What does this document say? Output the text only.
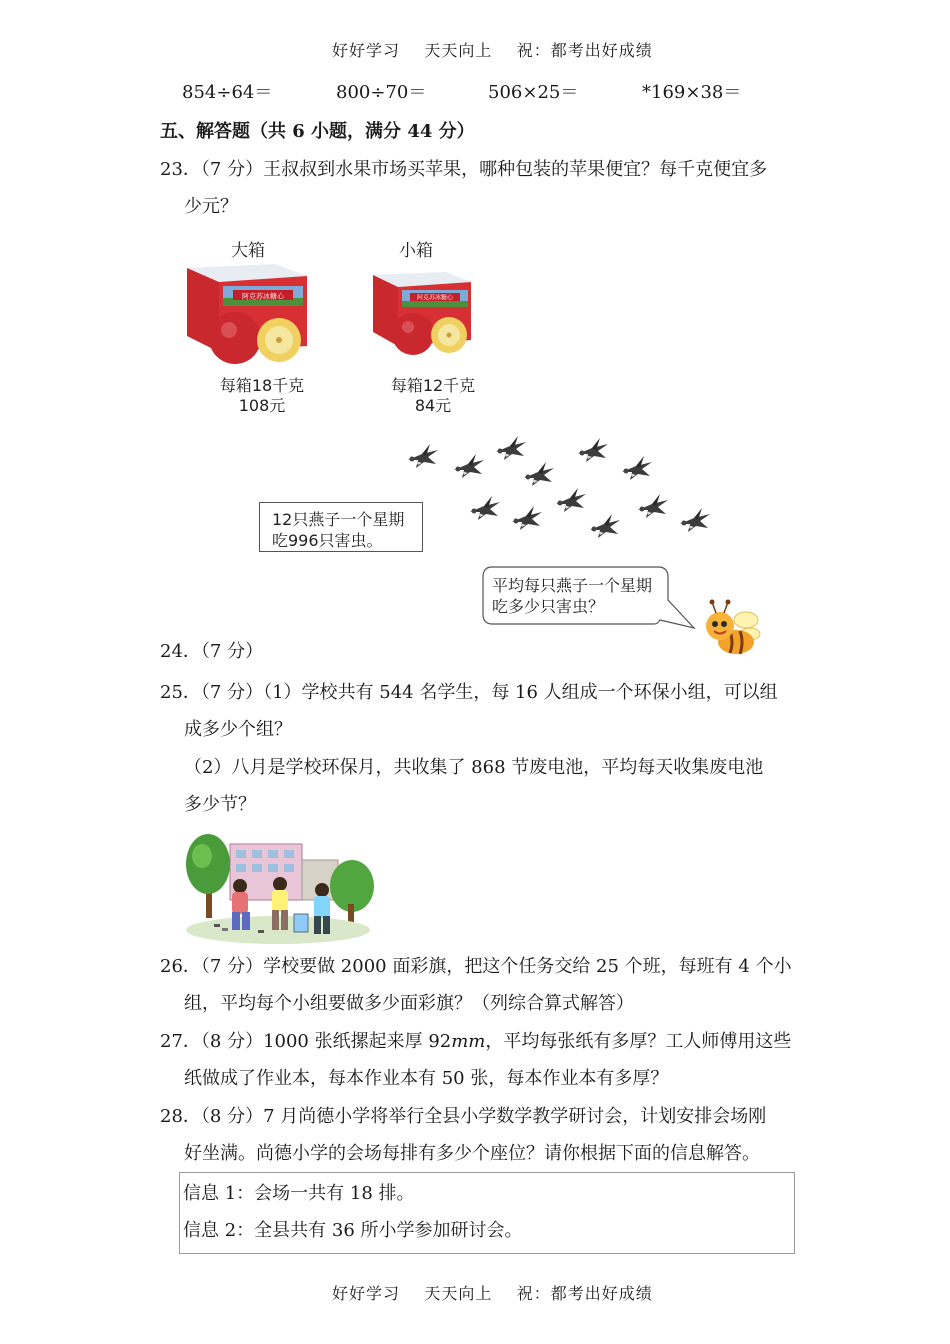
好好学习    天天向上    祝：都考出好成绩
854÷64＝	800÷70＝	506×25＝	*169×38＝
五、解答题（共 6 小题，满分 44 分）
23．（7 分）王叔叔到水果市场买苹果，哪种包装的苹果便宜？每千克便宜多
少元？
大箱	小箱
阿克苏冰糖心	阿克苏冰糖心
每箱18千克
108元
每箱12千克
84元
12只燕子一个星期
吃996只害虫。
平均每只燕子一个星期
吃多少只害虫？
24．（7 分）
25．（7 分）（1）学校共有 544 名学生，每 16 人组成一个环保小组，可以组
成多少个组？
（2）八月是学校环保月，共收集了 868 节废电池，平均每天收集废电池
多少节？
26．（7 分）学校要做 2000 面彩旗，把这个任务交给 25 个班，每班有 4 个小
组，平均每个小组要做多少面彩旗？（列综合算式解答）
27．（8 分）1000 张纸摞起来厚 92mm，平均每张纸有多厚？工人师傅用这些
纸做成了作业本，每本作业本有 50 张，每本作业本有多厚？
28．（8 分）7 月尚德小学将举行全县小学数学教学研讨会，计划安排会场刚
好坐满。尚德小学的会场每排有多少个座位？请你根据下面的信息解答。
信息 1：会场一共有 18 排。
信息 2：全县共有 36 所小学参加研讨会。
好好学习    天天向上    祝：都考出好成绩
